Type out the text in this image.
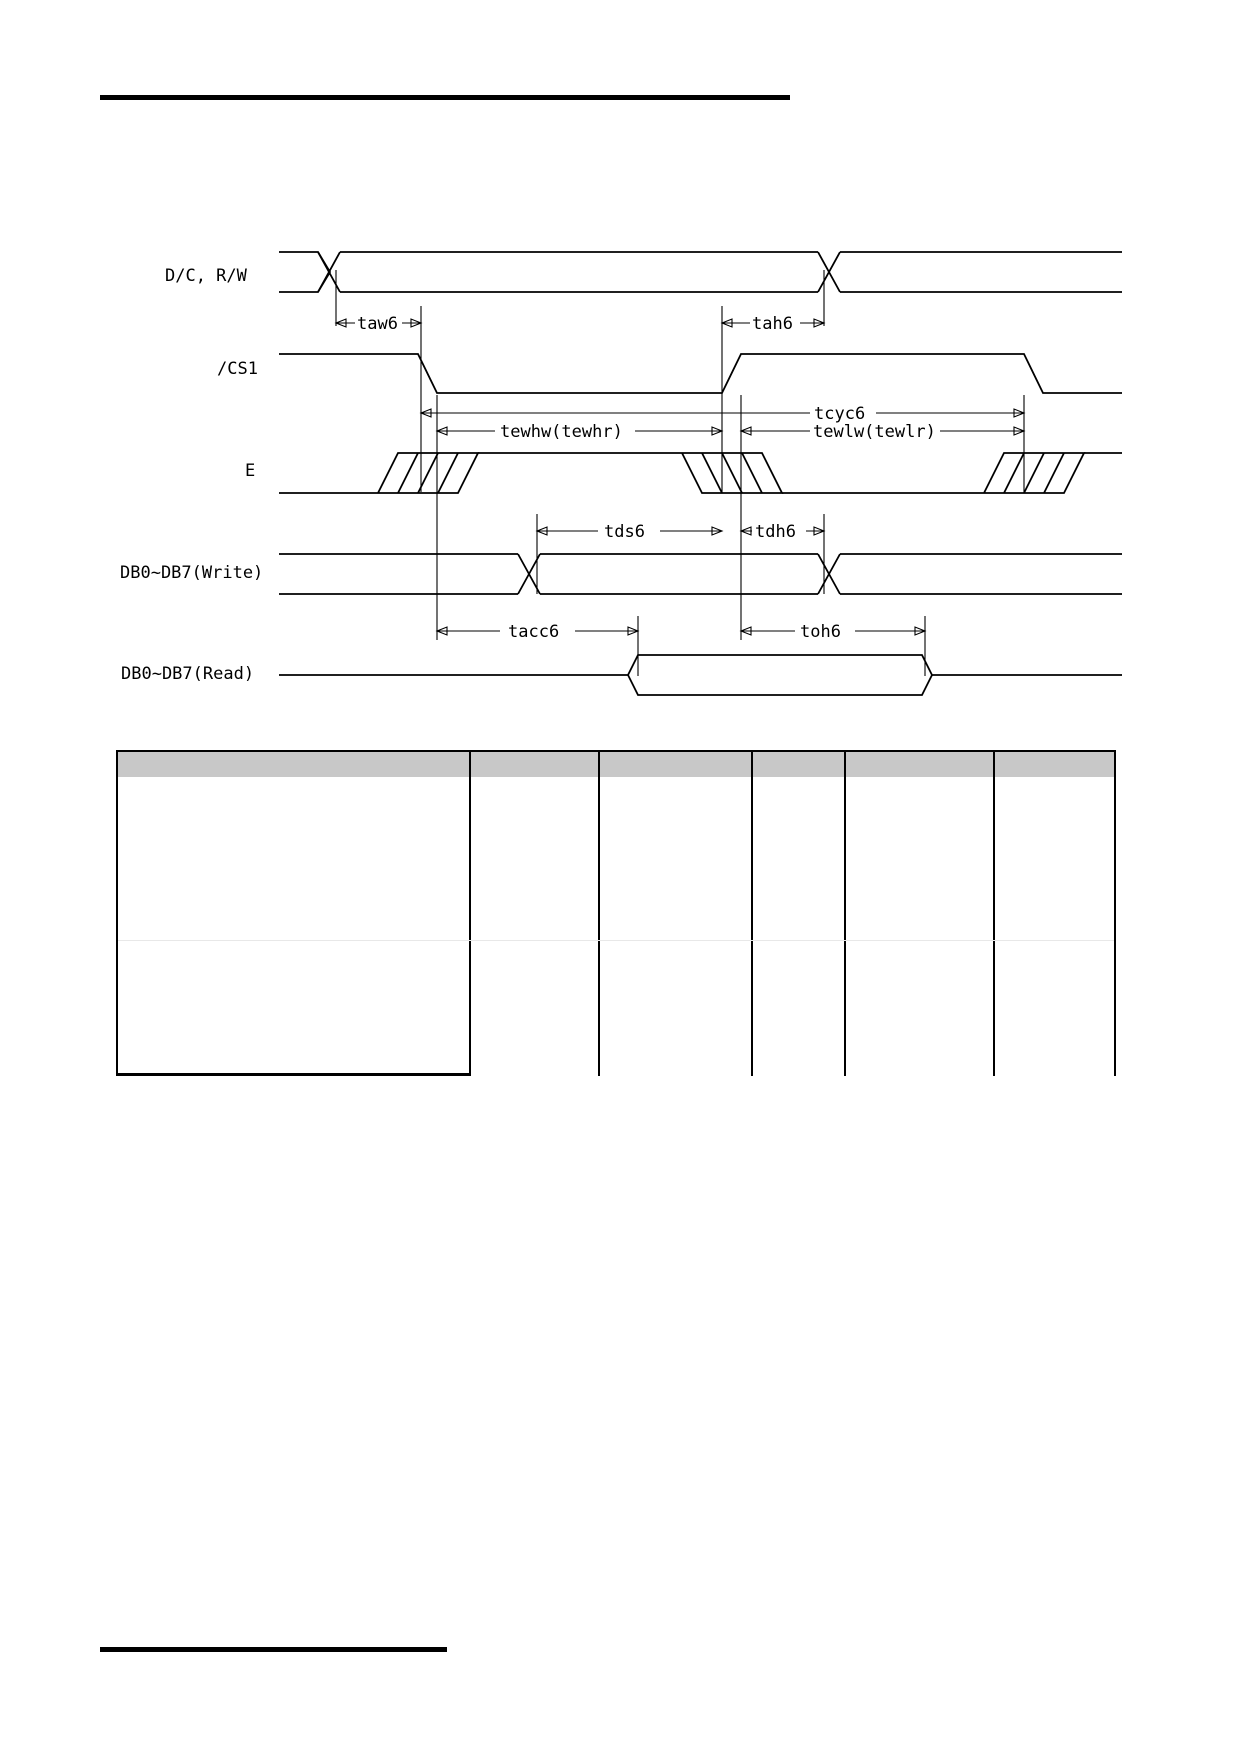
D/C, R/W
/CS1
E
DB0~DB7(Write)
DB0~DB7(Read)
taw6	tah6
tcyc6
tewhw(tewhr)	tewlw(tewlr)
tds6	tdh6
tacc6	toh6
